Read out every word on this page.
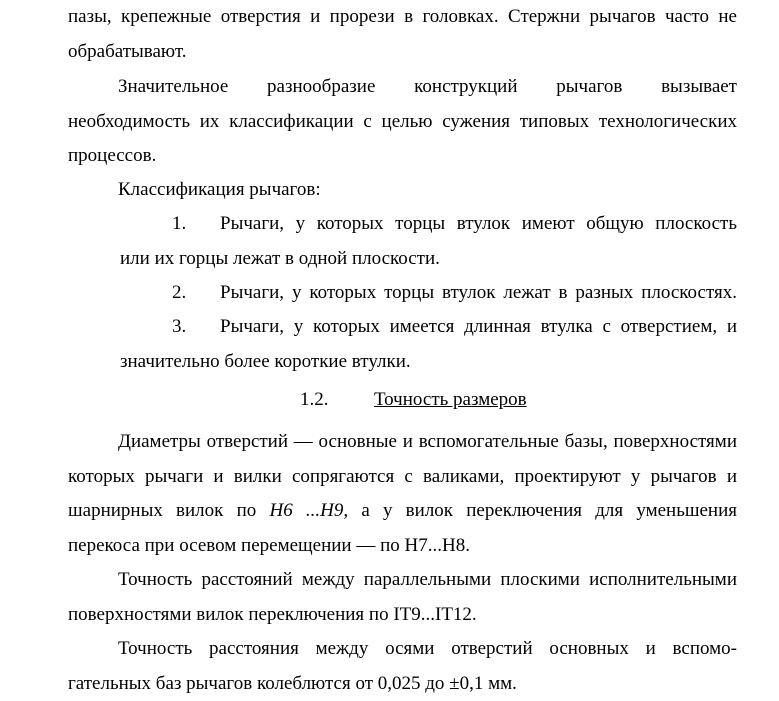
пазы, крепежные отверстия и прорези в головках. Стержни рычагов часто не
обрабатывают.
Значительное разнообразие конструкций рычагов вызывает
необходимость их классификации с целью сужения типовых технологических
процессов.
Классификация рычагов:
1.	Рычаги, у которых торцы втулок имеют общую плоскость
или их горцы лежат в одной плоскости.
2.	Рычаги, у которых торцы втулок лежат в разных плоскостях.
3.	Рычаги, у которых имеется длинная втулка с отверстием, и
значительно более короткие втулки.
1.2. Точность размеров
Диаметры отверстий — основные и вспомогательные базы, поверхностями
которых рычаги и вилки сопрягаются с валиками, проектируют у рычагов и
шарнирных вилок по Н6 ...Н9, а у вилок переключения для уменьшения
перекоса при осевом перемещении — по Н7...Н8.
Точность расстояний между параллельными плоскими исполнительными
поверхностями вилок переключения по IT9...IT12.
Точность расстояния между осями отверстий основных и вспомо-
гательных баз рычагов колеблются от 0,025 до ±0,1 мм.
